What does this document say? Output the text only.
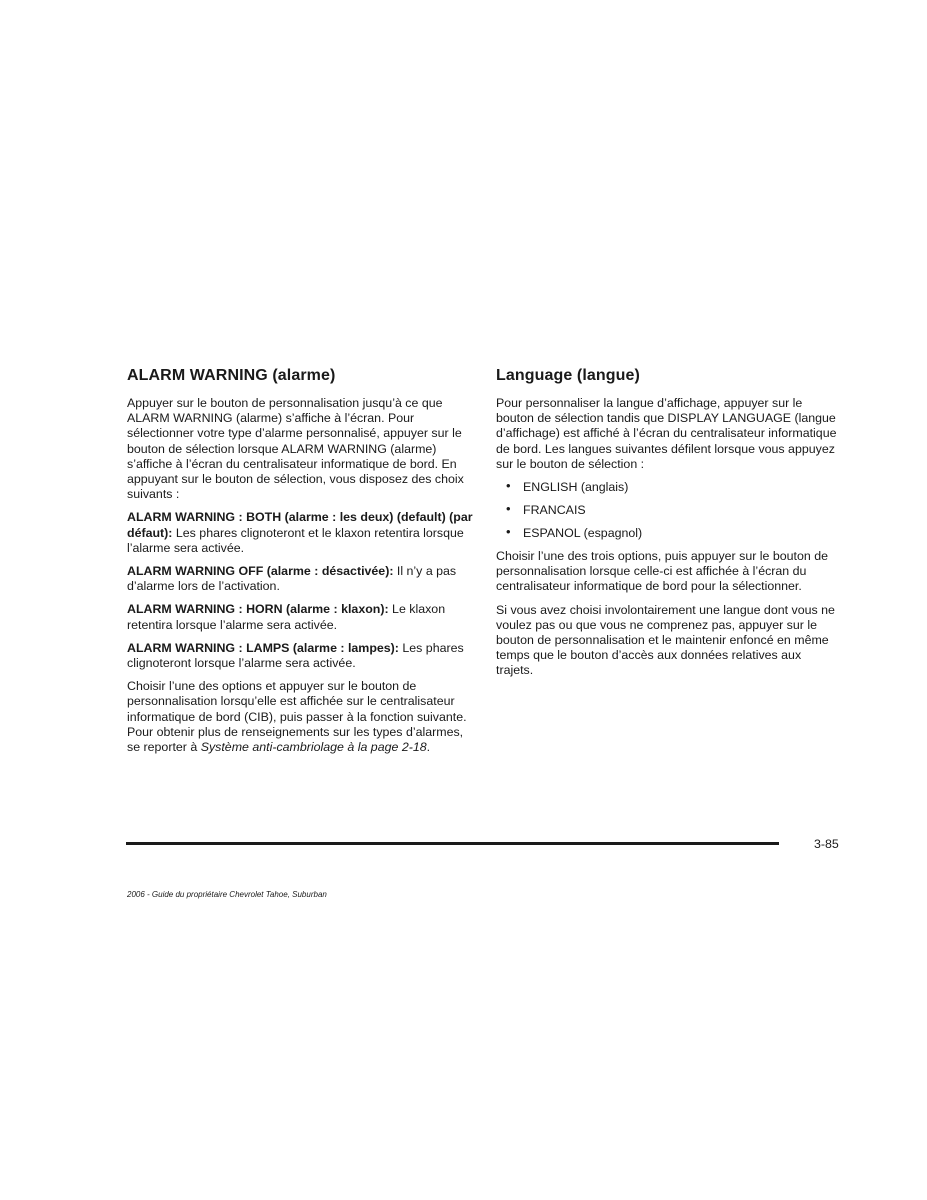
ALARM WARNING (alarme)

Appuyer sur le bouton de personnalisation jusqu’à ce que ALARM WARNING (alarme) s’affiche à l’écran. Pour sélectionner votre type d’alarme personnalisé, appuyer sur le bouton de sélection lorsque ALARM WARNING (alarme) s’affiche à l’écran du centralisateur informatique de bord. En appuyant sur le bouton de sélection, vous disposez des choix suivants :

ALARM WARNING : BOTH (alarme : les deux) (default) (par défaut): Les phares clignoteront et le klaxon retentira lorsque l’alarme sera activée.

ALARM WARNING OFF (alarme : désactivée): Il n’y a pas d’alarme lors de l’activation.

ALARM WARNING : HORN (alarme : klaxon): Le klaxon retentira lorsque l’alarme sera activée.

ALARM WARNING : LAMPS (alarme : lampes): Les phares clignoteront lorsque l’alarme sera activée.

Choisir l’une des options et appuyer sur le bouton de personnalisation lorsqu’elle est affichée sur le centralisateur informatique de bord (CIB), puis passer à la fonction suivante. Pour obtenir plus de renseignements sur les types d’alarmes, se reporter à Système anti-cambriolage à la page 2-18.

Language (langue)

Pour personnaliser la langue d’affichage, appuyer sur le bouton de sélection tandis que DISPLAY LANGUAGE (langue d’affichage) est affiché à l’écran du centralisateur informatique de bord. Les langues suivantes défilent lorsque vous appuyez sur le bouton de sélection :

• ENGLISH (anglais)
• FRANCAIS
• ESPANOL (espagnol)

Choisir l’une des trois options, puis appuyer sur le bouton de personnalisation lorsque celle-ci est affichée à l’écran du centralisateur informatique de bord pour la sélectionner.

Si vous avez choisi involontairement une langue dont vous ne voulez pas ou que vous ne comprenez pas, appuyer sur le bouton de personnalisation et le maintenir enfoncé en même temps que le bouton d’accès aux données relatives aux trajets.

3-85
2006 - Guide du propriétaire Chevrolet Tahoe, Suburban
